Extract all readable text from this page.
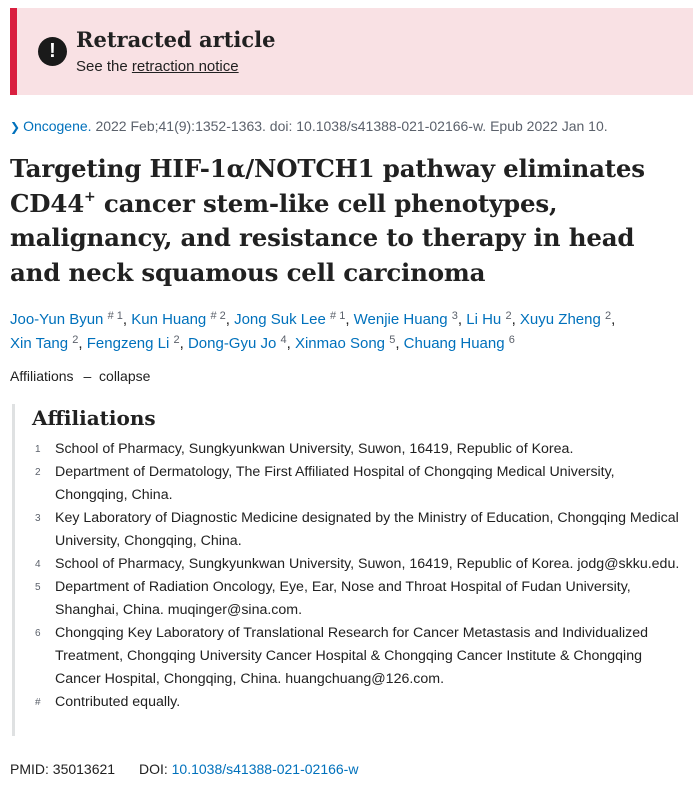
! Retracted article
See the retraction notice
❯ Oncogene. 2022 Feb;41(9):1352-1363. doi: 10.1038/s41388-021-02166-w. Epub 2022 Jan 10.
Targeting HIF-1α/NOTCH1 pathway eliminates CD44+ cancer stem-like cell phenotypes, malignancy, and resistance to therapy in head and neck squamous cell carcinoma
Joo-Yun Byun $^{\# 1}$, Kun Huang $^{\# 2}$, Jong Suk Lee $^{\# 1}$, Wenjie Huang $^3$, Li Hu $^2$, Xuyu Zheng $^2$, Xin Tang $^2$, Fengzeng Li $^2$, Dong-Gyu Jo $^4$, Xinmao Song $^5$, Chuang Huang $^6$
Affiliations – collapse
Affiliations
1	School of Pharmacy, Sungkyunkwan University, Suwon, 16419, Republic of Korea.
2	Department of Dermatology, The First Affiliated Hospital of Chongqing Medical University, Chongqing, China.
3	Key Laboratory of Diagnostic Medicine designated by the Ministry of Education, Chongqing Medical University, Chongqing, China.
4	School of Pharmacy, Sungkyunkwan University, Suwon, 16419, Republic of Korea. jodg@skku.edu.
5	Department of Radiation Oncology, Eye, Ear, Nose and Throat Hospital of Fudan University, Shanghai, China. muqinger@sina.com.
6	Chongqing Key Laboratory of Translational Research for Cancer Metastasis and Individualized Treatment, Chongqing University Cancer Hospital & Chongqing Cancer Institute & Chongqing Cancer Hospital, Chongqing, China. huangchuang@126.com.
#	Contributed equally.
PMID: 35013621 DOI: 10.1038/s41388-021-02166-w
